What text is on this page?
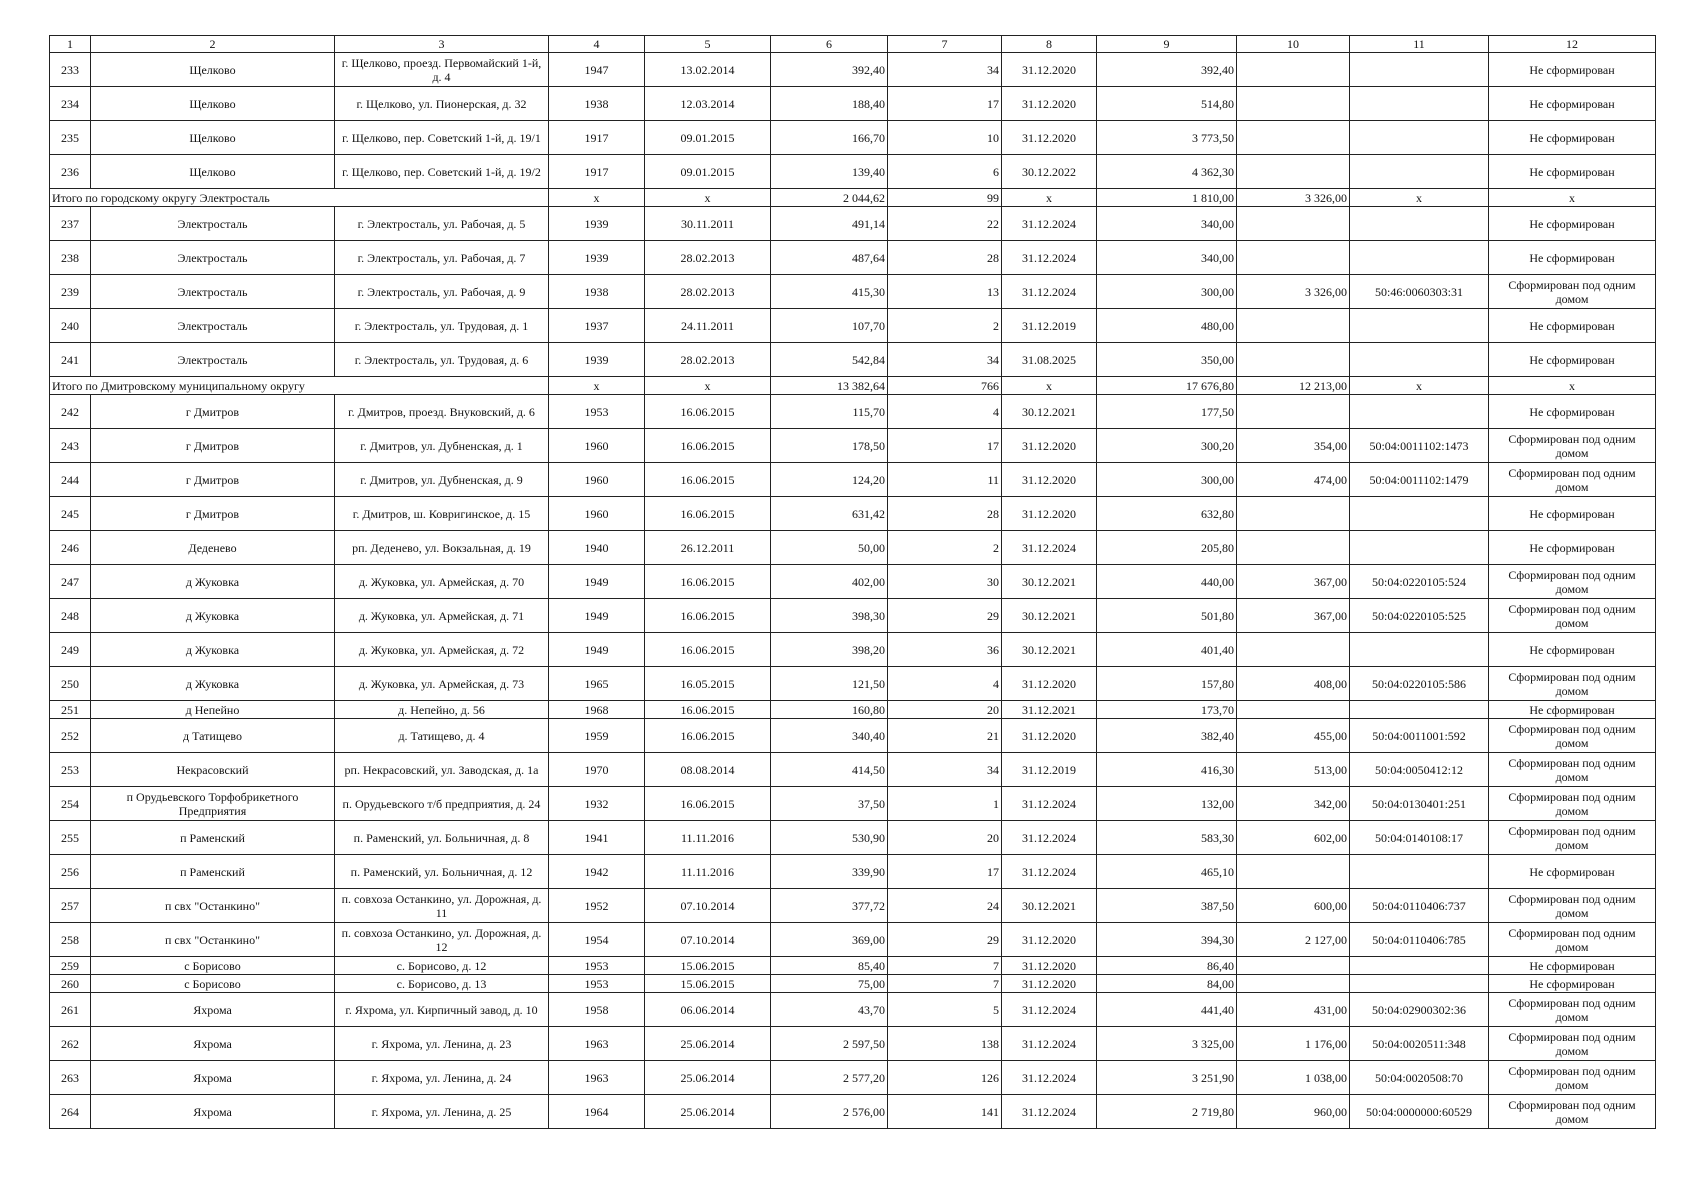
1	2	3	4	5	6	7	8	9	10	11	12
233	Щелково	г. Щелково, проезд. Первомайский 1-й, д. 4	1947	13.02.2014	392,40	34	31.12.2020	392,40			Не сформирован
234	Щелково	г. Щелково, ул. Пионерская, д. 32	1938	12.03.2014	188,40	17	31.12.2020	514,80			Не сформирован
235	Щелково	г. Щелково, пер. Советский 1-й, д. 19/1	1917	09.01.2015	166,70	10	31.12.2020	3 773,50			Не сформирован
236	Щелково	г. Щелково, пер. Советский 1-й, д. 19/2	1917	09.01.2015	139,40	6	30.12.2022	4 362,30			Не сформирован
Итого по городскому округу Электросталь			x	x	2 044,62	99	x	1 810,00	3 326,00	x	x
237	Электросталь	г. Электросталь, ул. Рабочая, д. 5	1939	30.11.2011	491,14	22	31.12.2024	340,00			Не сформирован
238	Электросталь	г. Электросталь, ул. Рабочая, д. 7	1939	28.02.2013	487,64	28	31.12.2024	340,00			Не сформирован
239	Электросталь	г. Электросталь, ул. Рабочая, д. 9	1938	28.02.2013	415,30	13	31.12.2024	300,00	3 326,00	50:46:0060303:31	Сформирован под одним домом
240	Электросталь	г. Электросталь, ул. Трудовая, д. 1	1937	24.11.2011	107,70	2	31.12.2019	480,00			Не сформирован
241	Электросталь	г. Электросталь, ул. Трудовая, д. 6	1939	28.02.2013	542,84	34	31.08.2025	350,00			Не сформирован
Итого по Дмитровскому муниципальному округу			x	x	13 382,64	766	x	17 676,80	12 213,00	x	x
242	г Дмитров	г. Дмитров, проезд. Внуковский, д. 6	1953	16.06.2015	115,70	4	30.12.2021	177,50			Не сформирован
243	г Дмитров	г. Дмитров, ул. Дубненская, д. 1	1960	16.06.2015	178,50	17	31.12.2020	300,20	354,00	50:04:0011102:1473	Сформирован под одним домом
244	г Дмитров	г. Дмитров, ул. Дубненская, д. 9	1960	16.06.2015	124,20	11	31.12.2020	300,00	474,00	50:04:0011102:1479	Сформирован под одним домом
245	г Дмитров	г. Дмитров, ш. Ковригинское, д. 15	1960	16.06.2015	631,42	28	31.12.2020	632,80			Не сформирован
246	Деденево	рп. Деденево, ул. Вокзальная, д. 19	1940	26.12.2011	50,00	2	31.12.2024	205,80			Не сформирован
247	д Жуковка	д. Жуковка, ул. Армейская, д. 70	1949	16.06.2015	402,00	30	30.12.2021	440,00	367,00	50:04:0220105:524	Сформирован под одним домом
248	д Жуковка	д. Жуковка, ул. Армейская, д. 71	1949	16.06.2015	398,30	29	30.12.2021	501,80	367,00	50:04:0220105:525	Сформирован под одним домом
249	д Жуковка	д. Жуковка, ул. Армейская, д. 72	1949	16.06.2015	398,20	36	30.12.2021	401,40			Не сформирован
250	д Жуковка	д. Жуковка, ул. Армейская, д. 73	1965	16.05.2015	121,50	4	31.12.2020	157,80	408,00	50:04:0220105:586	Сформирован под одним домом
251	д Непейно	д. Непейно, д. 56	1968	16.06.2015	160,80	20	31.12.2021	173,70			Не сформирован
252	д Татищево	д. Татищево, д. 4	1959	16.06.2015	340,40	21	31.12.2020	382,40	455,00	50:04:0011001:592	Сформирован под одним домом
253	Некрасовский	рп. Некрасовский, ул. Заводская, д. 1а	1970	08.08.2014	414,50	34	31.12.2019	416,30	513,00	50:04:0050412:12	Сформирован под одним домом
254	п Орудьевского Торфобрикетного Предприятия	п. Орудьевского т/б предприятия, д. 24	1932	16.06.2015	37,50	1	31.12.2024	132,00	342,00	50:04:0130401:251	Сформирован под одним домом
255	п Раменский	п. Раменский, ул. Больничная, д. 8	1941	11.11.2016	530,90	20	31.12.2024	583,30	602,00	50:04:0140108:17	Сформирован под одним домом
256	п Раменский	п. Раменский, ул. Больничная, д. 12	1942	11.11.2016	339,90	17	31.12.2024	465,10			Не сформирован
257	п свх "Останкино"	п. совхоза Останкино, ул. Дорожная, д. 11	1952	07.10.2014	377,72	24	30.12.2021	387,50	600,00	50:04:0110406:737	Сформирован под одним домом
258	п свх "Останкино"	п. совхоза Останкино, ул. Дорожная, д. 12	1954	07.10.2014	369,00	29	31.12.2020	394,30	2 127,00	50:04:0110406:785	Сформирован под одним домом
259	с Борисово	с. Борисово, д. 12	1953	15.06.2015	85,40	7	31.12.2020	86,40			Не сформирован
260	с Борисово	с. Борисово, д. 13	1953	15.06.2015	75,00	7	31.12.2020	84,00			Не сформирован
261	Яхрома	г. Яхрома, ул. Кирпичный завод, д. 10	1958	06.06.2014	43,70	5	31.12.2024	441,40	431,00	50:04:02900302:36	Сформирован под одним домом
262	Яхрома	г. Яхрома, ул. Ленина, д. 23	1963	25.06.2014	2 597,50	138	31.12.2024	3 325,00	1 176,00	50:04:0020511:348	Сформирован под одним домом
263	Яхрома	г. Яхрома, ул. Ленина, д. 24	1963	25.06.2014	2 577,20	126	31.12.2024	3 251,90	1 038,00	50:04:0020508:70	Сформирован под одним домом
264	Яхрома	г. Яхрома, ул. Ленина, д. 25	1964	25.06.2014	2 576,00	141	31.12.2024	2 719,80	960,00	50:04:0000000:60529	Сформирован под одним домом
